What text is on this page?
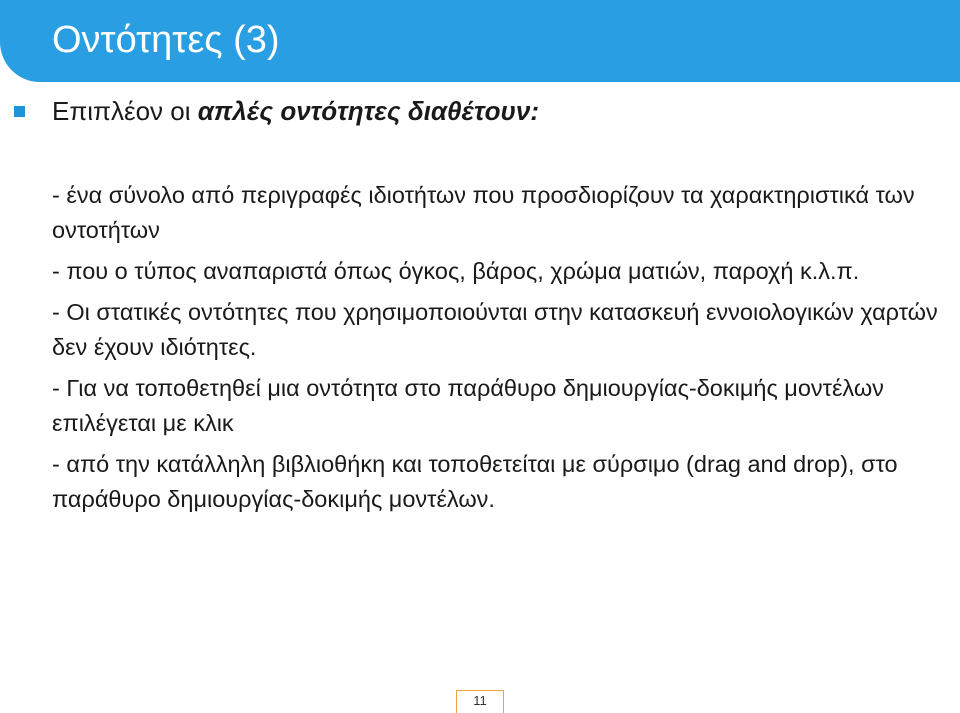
Οντότητες (3)
Επιπλέον οι απλές οντότητες διαθέτουν:

- ένα σύνολο από περιγραφές ιδιοτήτων που προσδιορίζουν τα χαρακτηριστικά των οντοτήτων

- που ο τύπος αναπαριστά όπως όγκος, βάρος, χρώμα ματιών, παροχή κ.λ.π.

- Οι στατικές οντότητες που χρησιμοποιούνται στην κατασκευή εννοιολογικών χαρτών δεν έχουν ιδιότητες.

- Για να τοποθετηθεί μια οντότητα στο παράθυρο δημιουργίας-δοκιμής μοντέλων επιλέγεται με κλικ

- από την κατάλληλη βιβλιοθήκη και τοποθετείται με σύρσιμο (drag and drop), στο παράθυρο δημιουργίας-δοκιμής μοντέλων.

11
